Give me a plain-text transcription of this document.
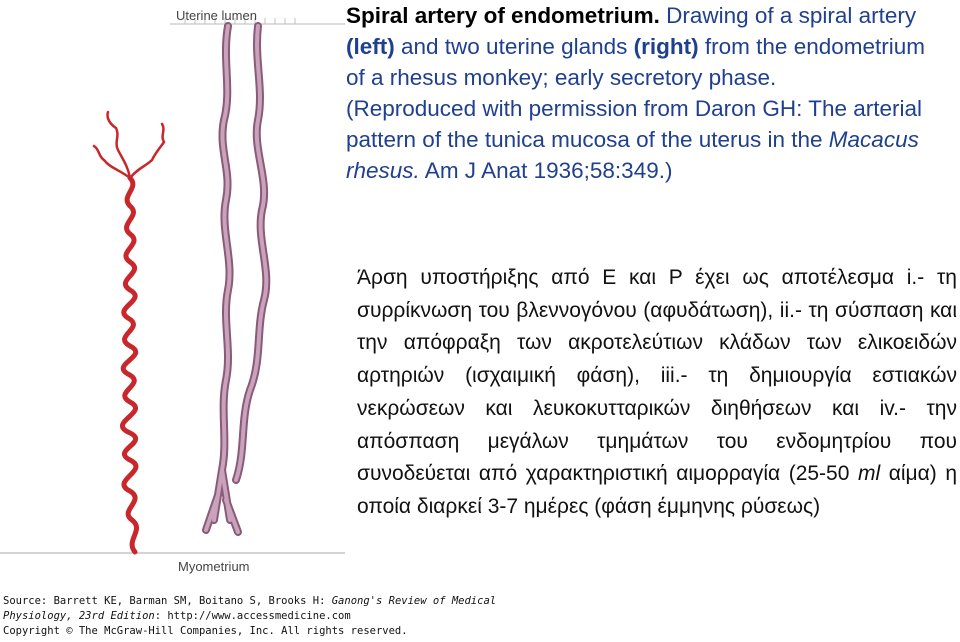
Uterine lumen
Myometrium
Spiral artery of endometrium. Drawing of a spiral artery (left) and two uterine glands (right) from the endometrium of a rhesus monkey; early secretory phase.
(Reproduced with permission from Daron GH: The arterial pattern of the tunica mucosa of the uterus in the Macacus rhesus. Am J Anat 1936;58:349.)
Άρση υποστήριξης από E και P έχει ως αποτέλεσμα i.- τη συρρίκνωση του βλεννογόνου (αφυδάτωση), ii.- τη σύσπαση και την απόφραξη των ακροτελεύτιων κλάδων των ελικοειδών αρτηριών (ισχαιμική φάση), iii.- τη δημιουργία εστιακών νεκρώσεων και λευκοκυτταρικών διηθήσεων και iv.- την απόσπαση μεγάλων τμημάτων του ενδομητρίου που συνοδεύεται από χαρακτηριστική αιμορραγία (25-50 ml αίμα) η οποία διαρκεί 3-7 ημέρες (φάση έμμηνης ρύσεως)
Source: Barrett KE, Barman SM, Boitano S, Brooks H: Ganong's Review of Medical Physiology, 23rd Edition: http://www.accessmedicine.com
Copyright © The McGraw-Hill Companies, Inc. All rights reserved.
